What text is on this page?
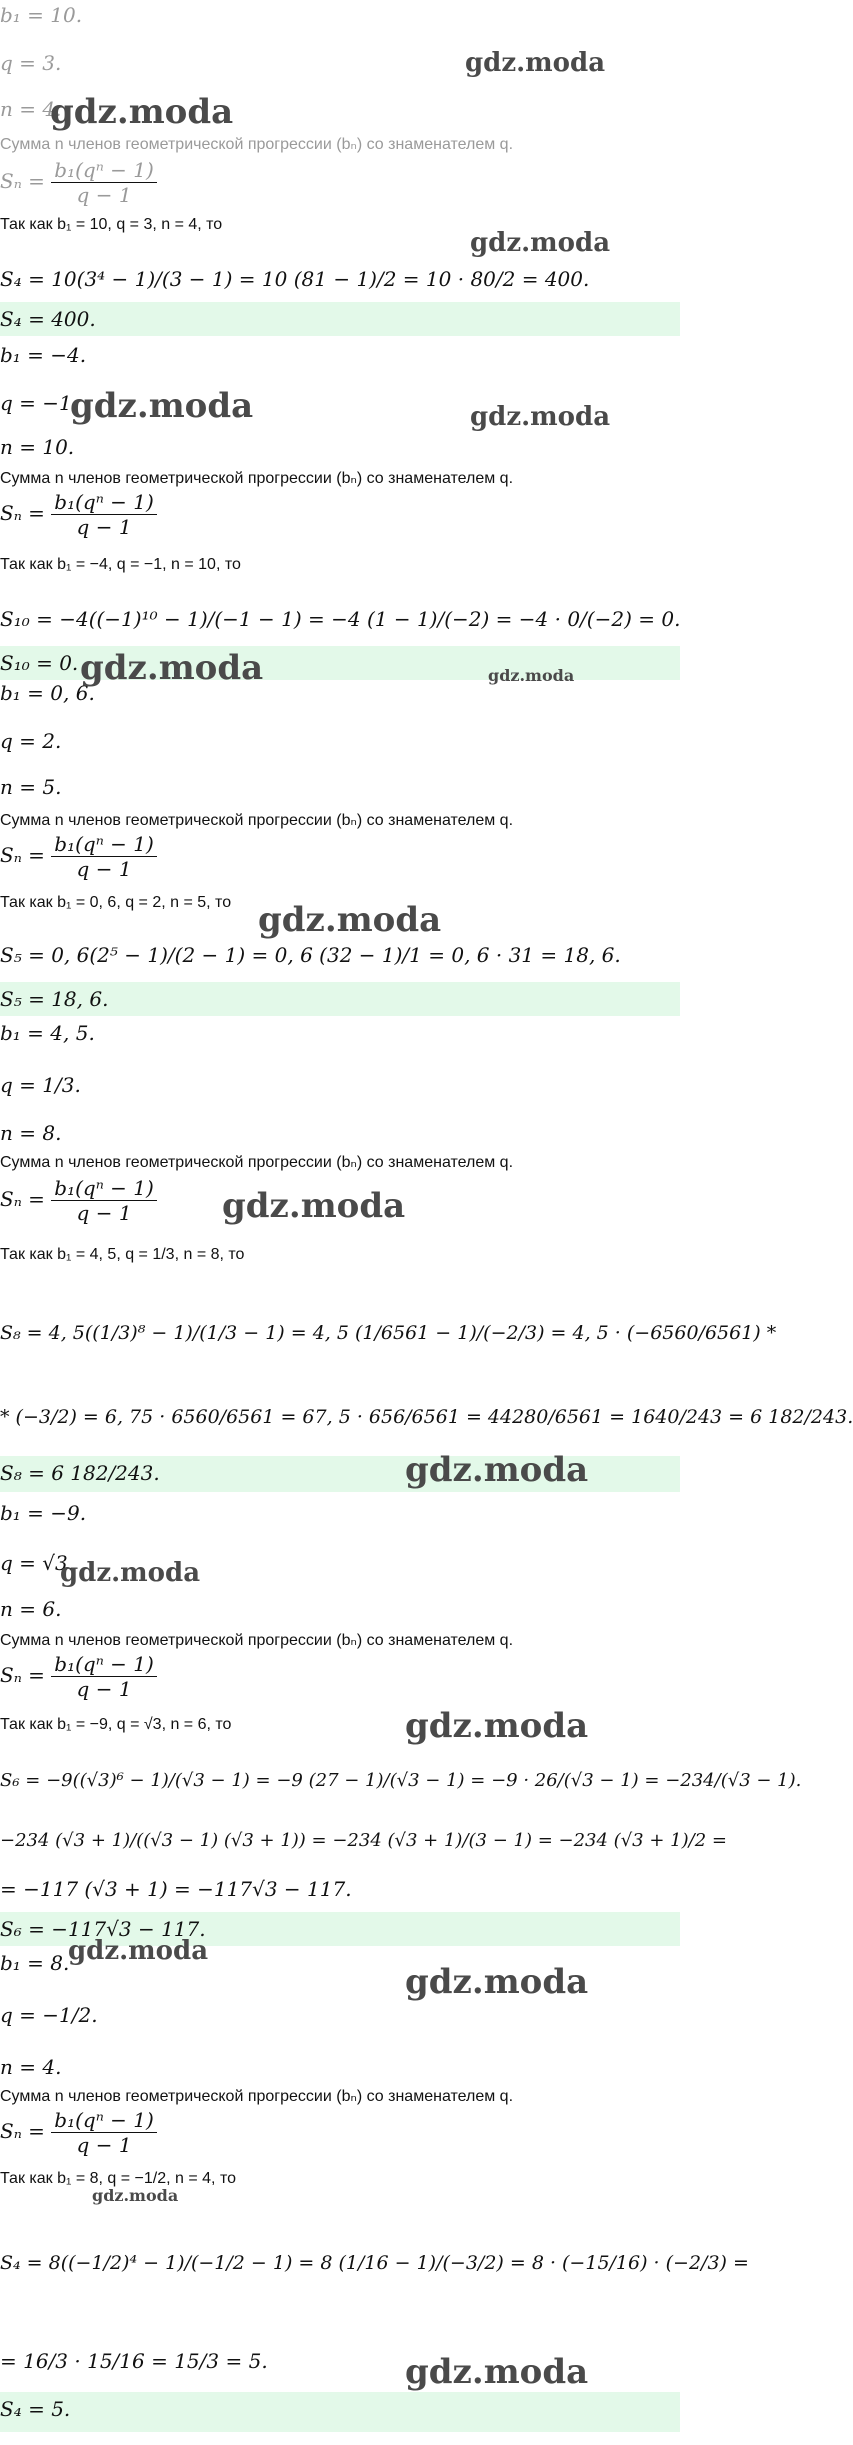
b₁ = 10.
q = 3.
n = 4.
Сумма n членов геометрической прогрессии (bₙ) со знаменателем q.
$S_n = \frac{\text{b₁(qⁿ − 1)}}{q - 1}$
Так как b₁ = 10, q = 3, n = 4, то
S₄ = 10(3⁴ − 1)/(3 − 1) = 10 (81 − 1)/2 = 10 · 80/2 = 400.
S₄ = 400.
b₁ = −4.
q = −1.
n = 10.
Сумма n членов геометрической прогрессии (bₙ) со знаменателем q.
$S_n = \frac{\text{b₁(qⁿ − 1)}}{q - 1}$
Так как b₁ = −4, q = −1, n = 10, то
S₁₀ = −4((−1)¹⁰ − 1)/(−1 − 1) = −4 (1 − 1)/(−2) = −4 · 0/(−2) = 0.
S₁₀ = 0.
b₁ = 0, 6.
q = 2.
n = 5.
Сумма n членов геометрической прогрессии (bₙ) со знаменателем q.
$S_n = \frac{\text{b₁(qⁿ − 1)}}{q - 1}$
Так как b₁ = 0, 6, q = 2, n = 5, то
S₅ = 0, 6(2⁵ − 1)/(2 − 1) = 0, 6 (32 − 1)/1 = 0, 6 · 31 = 18, 6.
S₅ = 18, 6.
b₁ = 4, 5.
q = 1/3.
n = 8.
Сумма n членов геометрической прогрессии (bₙ) со знаменателем q.
$S_n = \frac{\text{b₁(qⁿ − 1)}}{q - 1}$
Так как b₁ = 4, 5, q = 1/3, n = 8, то
S₈ = 4, 5((1/3)⁸ − 1)/(1/3 − 1) = 4, 5 (1/6561 − 1)/(−2/3) = 4, 5 · (−6560/6561) *
* (−3/2) = 6, 75 · 6560/6561 = 67, 5 · 656/6561 = 44280/6561 = 1640/243 = 6 182/243.
S₈ = 6 182/243.
b₁ = −9.
q = √3.
n = 6.
Сумма n членов геометрической прогрессии (bₙ) со знаменателем q.
$S_n = \frac{\text{b₁(qⁿ − 1)}}{q - 1}$
Так как b₁ = −9, q = √3, n = 6, то
S₆ = −9((√3)⁶ − 1)/(√3 − 1) = −9 (27 − 1)/(√3 − 1) = −9 · 26/(√3 − 1) = −234/(√3 − 1).
−234 (√3 + 1)/((√3 − 1) (√3 + 1)) = −234 (√3 + 1)/(3 − 1) = −234 (√3 + 1)/2 =
= −117 (√3 + 1) = −117√3 − 117.
S₆ = −117√3 − 117.
b₁ = 8.
q = −1/2.
n = 4.
Сумма n членов геометрической прогрессии (bₙ) со знаменателем q.
$S_n = \frac{\text{b₁(qⁿ − 1)}}{q - 1}$
Так как b₁ = 8, q = −1/2, n = 4, то
S₄ = 8((−1/2)⁴ − 1)/(−1/2 − 1) = 8 (1/16 − 1)/(−3/2) = 8 · (−15/16) · (−2/3) =
= 16/3 · 15/16 = 15/3 = 5.
S₄ = 5.
gdz.moda
gdz.moda
gdz.moda
gdz.moda	gdz.moda
gdz.moda	gdz.moda
gdz.moda
gdz.moda
gdz.moda
gdz.moda
gdz.moda
gdz.moda
gdz.moda
gdz.moda
gdz.moda
